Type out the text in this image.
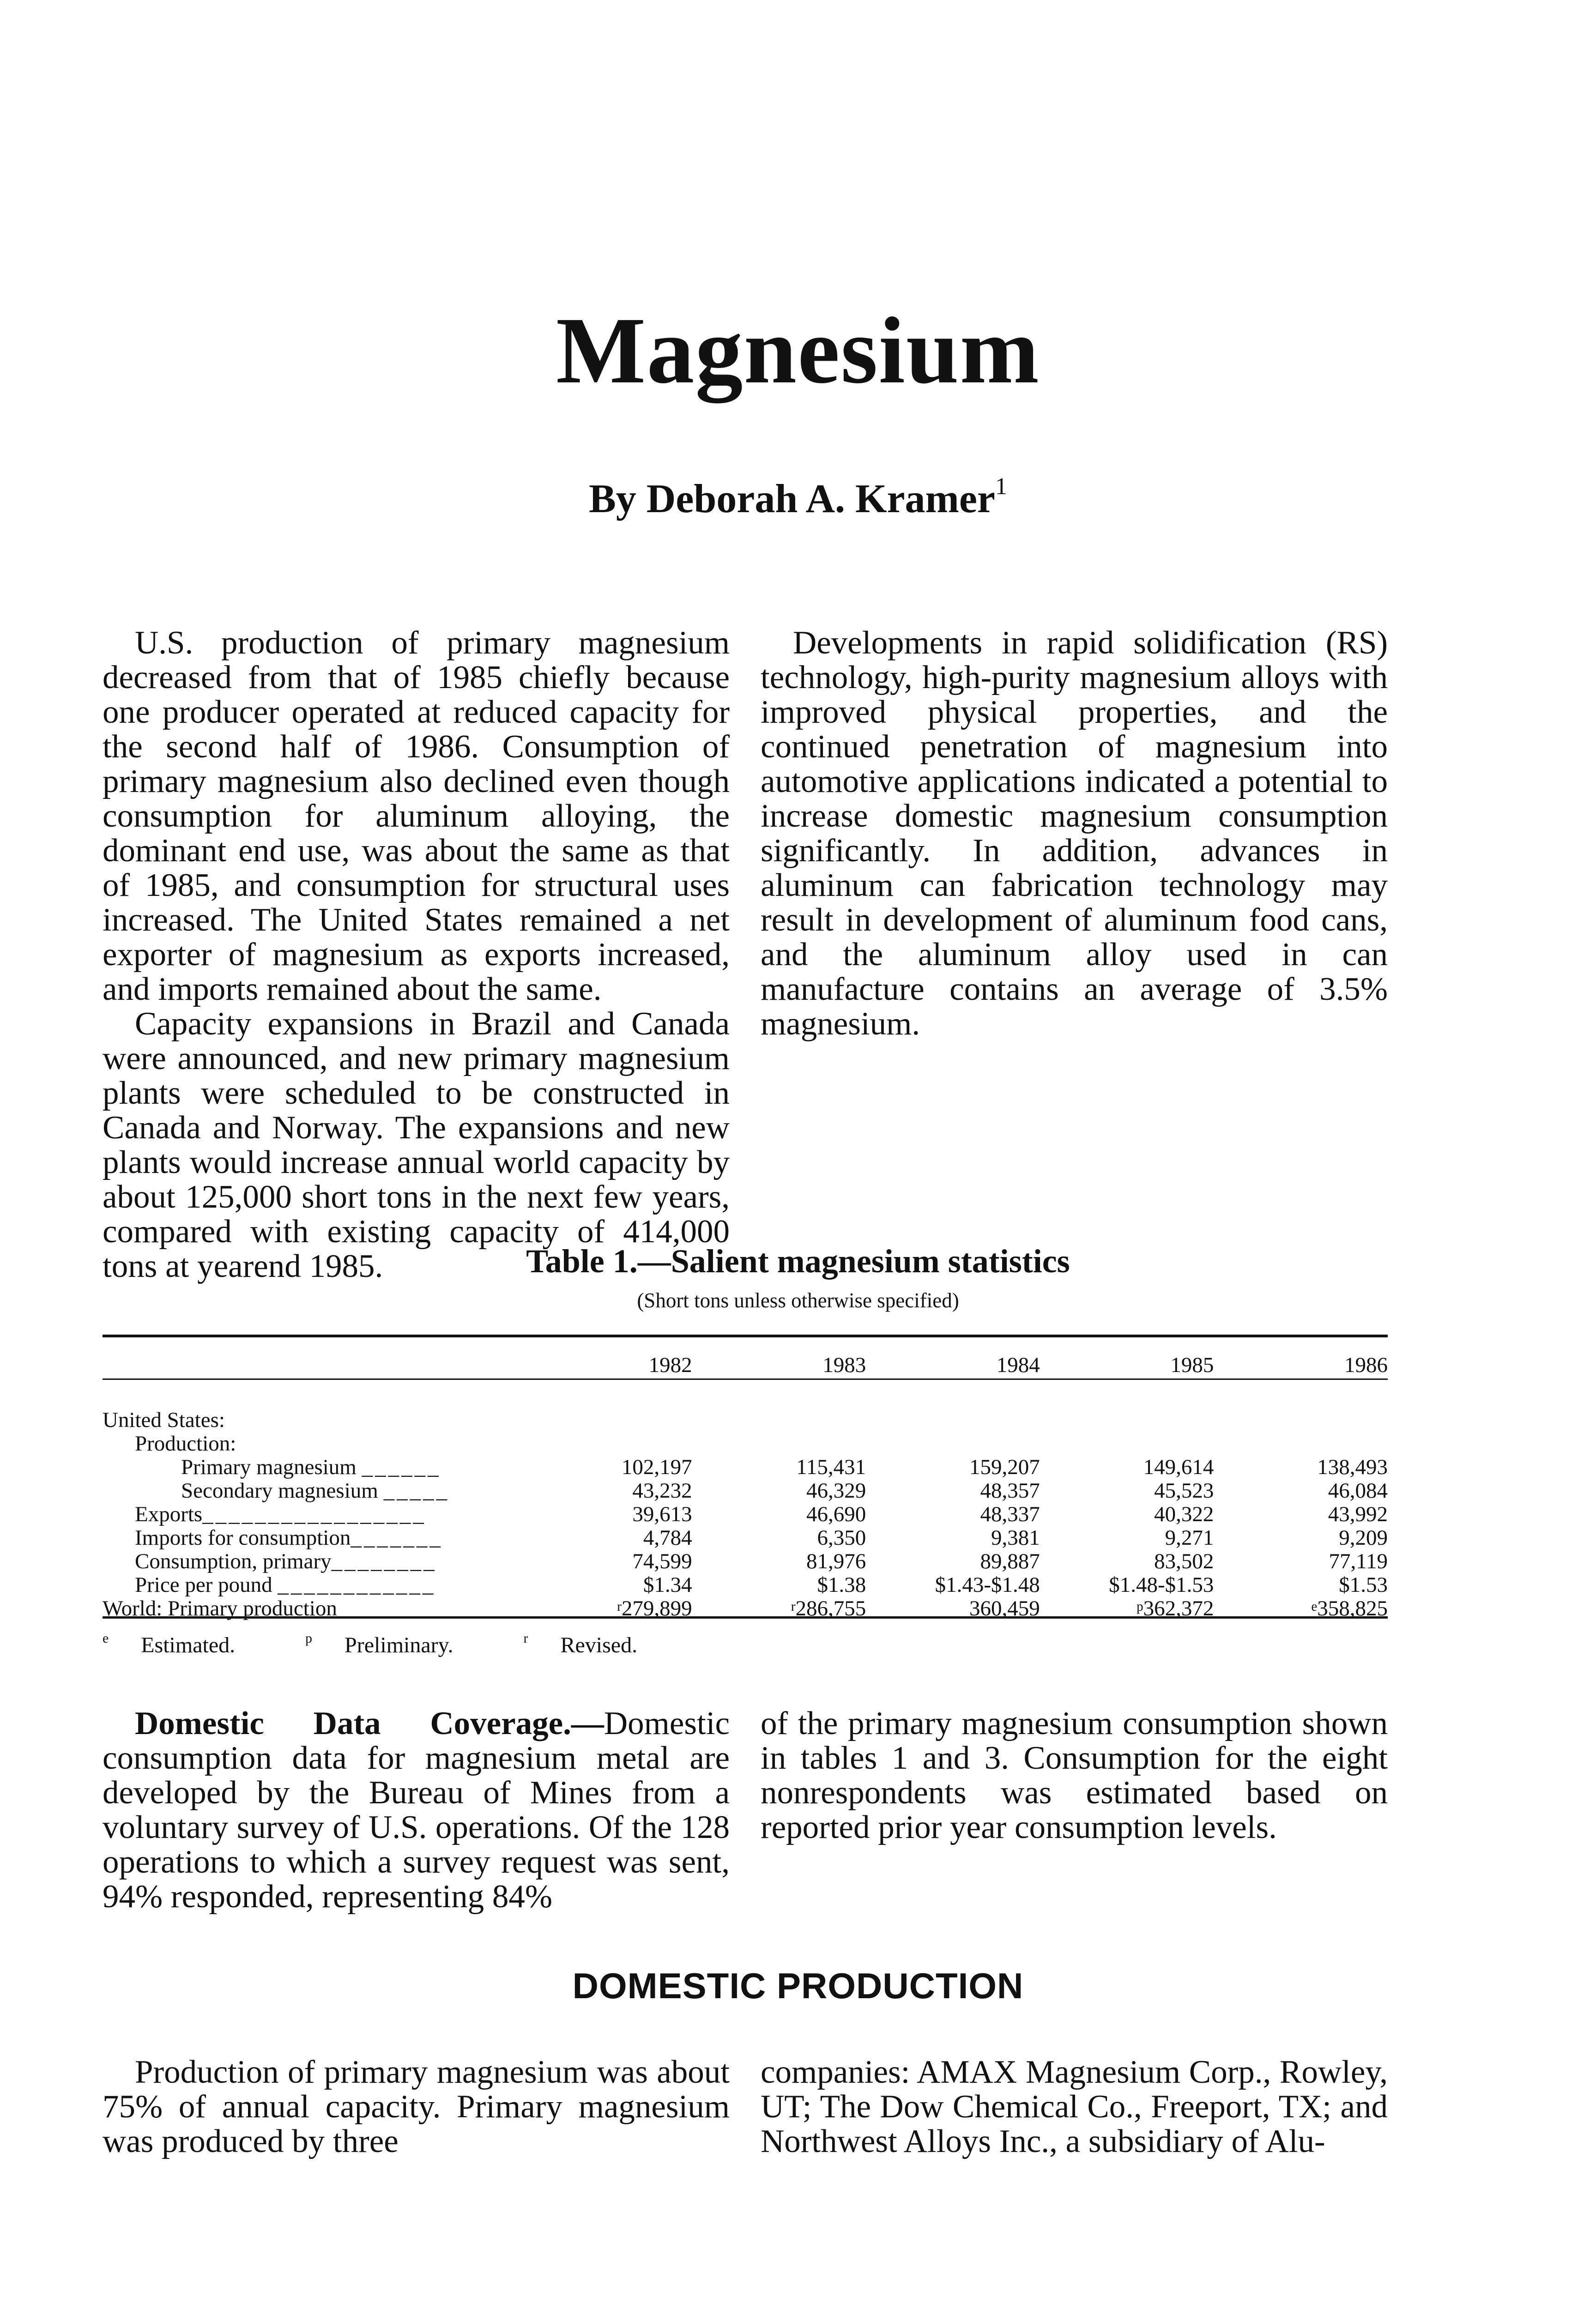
Magnesium
By Deborah A. Kramer$^1$

U.S. production of primary magnesium decreased from that of 1985 chiefly because one producer operated at reduced capacity for the second half of 1986. Consumption of primary magnesium also declined even though consumption for aluminum alloying, the dominant end use, was about the same as that of 1985, and consumption for structural uses increased. The United States remained a net exporter of magnesium as exports increased, and imports remained about the same.

Capacity expansions in Brazil and Canada were announced, and new primary magnesium plants were scheduled to be constructed in Canada and Norway. The expansions and new plants would increase annual world capacity by about 125,000 short tons in the next few years, compared with existing capacity of 414,000 tons at yearend 1985.

Developments in rapid solidification (RS) technology, high-purity magnesium alloys with improved physical properties, and the continued penetration of magnesium into automotive applications indicated a potential to increase domestic magnesium consumption significantly. In addition, advances in aluminum can fabrication technology may result in development of aluminum food cans, and the aluminum alloy used in can manufacture contains an average of 3.5% magnesium.

Table 1.—Salient magnesium statistics
(Short tons unless otherwise specified)
	1982	1983	1984	1985	1986

United States:					
Production:					
Primary magnesium ______	102,197	115,431	159,207	149,614	138,493
Secondary magnesium _____	43,232	46,329	48,357	45,523	46,084
Exports_________________	39,613	46,690	48,337	40,322	43,992
Imports for consumption_______	4,784	6,350	9,381	9,271	9,209
Consumption, primary________	74,599	81,976	89,887	83,502	77,119
Price per pound ____________	$1.34	$1.38	$1.43-$1.48	$1.48-$1.53	$1.53
World: Primary production ________	$^r$279,899	$^r$286,755	360,459	$^p$362,372	$^e$358,825
$^e$ Estimated.	$^p$ Preliminary.	$^r$ Revised.

Domestic Data Coverage.—Domestic consumption data for magnesium metal are developed by the Bureau of Mines from a voluntary survey of U.S. operations. Of the 128 operations to which a survey request was sent, 94% responded, representing 84%

of the primary magnesium consumption shown in tables 1 and 3. Consumption for the eight nonrespondents was estimated based on reported prior year consumption levels.

DOMESTIC PRODUCTION

Production of primary magnesium was about 75% of annual capacity. Primary magnesium was produced by three

companies: AMAX Magnesium Corp., Rowley, UT; The Dow Chemical Co., Freeport, TX; and Northwest Alloys Inc., a subsidiary of Alu-
